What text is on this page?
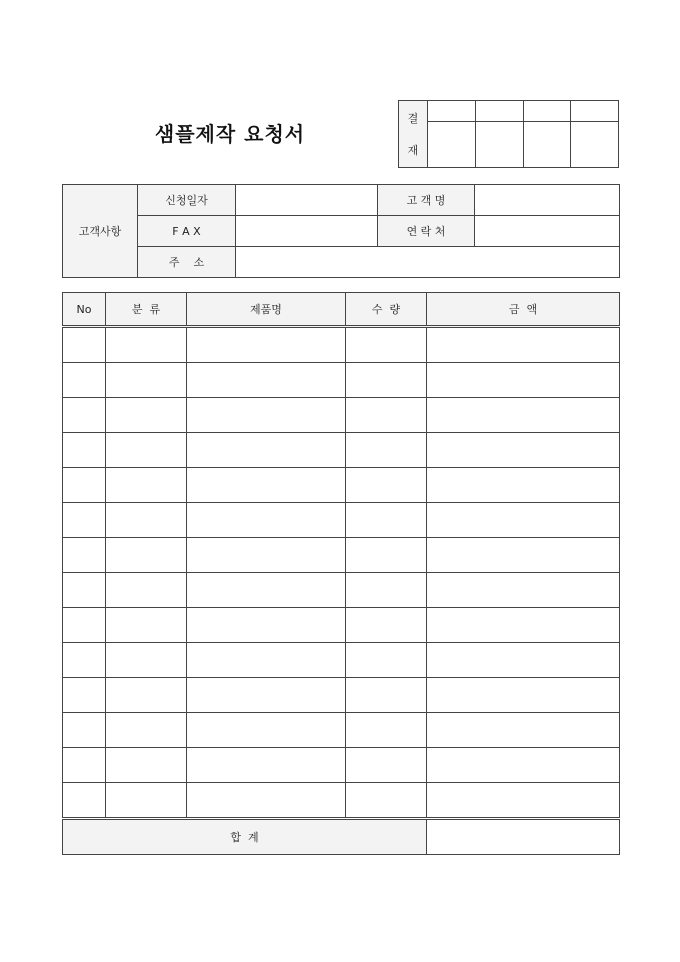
샘플제작 요청서
결
재				

고객사항	신청일자		고 객 명	
	F A X		연 락 처	
	주    소			
No	분  류	제품명	수  량	금  액

합  계				
